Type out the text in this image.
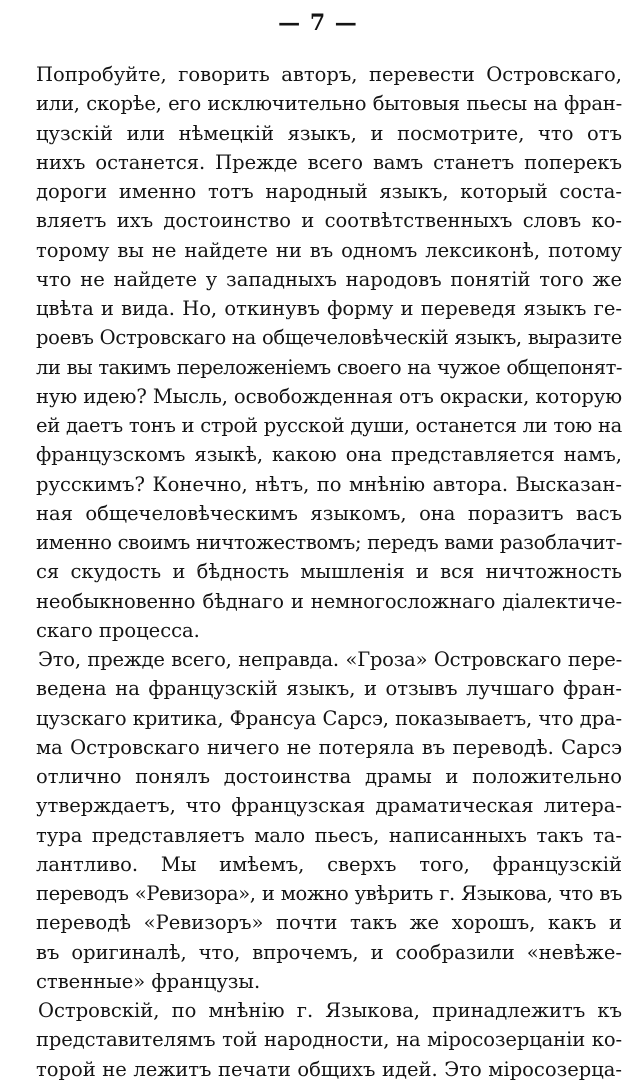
— 7 —
Попробуйте, говорить авторъ, перевести Островскаго,
или, скорѣе, его исключительно бытовыя пьесы на фран-
цузскій или нѣмецкій языкъ, и посмотрите, что отъ
нихъ останется. Прежде всего вамъ станетъ поперекъ
дороги именно тотъ народный языкъ, который соста-
вляетъ ихъ достоинство и соотвѣтственныхъ словъ ко-
торому вы не найдете ни въ одномъ лексиконѣ, потому
что не найдете у западныхъ народовъ понятій того же
цвѣта и вида. Но, откинувъ форму и переведя языкъ ге-
роевъ Островскаго на общечеловѣческій языкъ, выразите
ли вы такимъ переложеніемъ своего на чужое общепонят-
ную идею? Мысль, освобожденная отъ окраски, которую
ей даетъ тонъ и строй русской души, останется ли тою на
французскомъ языкѣ, какою она представляется намъ,
русскимъ? Конечно, нѣтъ, по мнѣнію автора. Высказан-
ная общечеловѣческимъ языкомъ, она поразитъ васъ
именно своимъ ничтожествомъ; передъ вами разоблачит-
ся скудость и бѣдность мышленія и вся ничтожность
необыкновенно бѣднаго и немногосложнаго діалектиче-
скаго процесса.
Это, прежде всего, неправда. «Гроза» Островскаго пере-
ведена на французскій языкъ, и отзывъ лучшаго фран-
цузскаго критика, Франсуа Сарсэ, показываетъ, что дра-
ма Островскаго ничего не потеряла въ переводѣ. Сарсэ
отлично понялъ достоинства драмы и положительно
утверждаетъ, что французская драматическая литера-
тура представляетъ мало пьесъ, написанныхъ такъ та-
лантливо. Мы имѣемъ, сверхъ того, французскій
переводъ «Ревизора», и можно увѣрить г. Языкова, что въ
переводѣ «Ревизоръ» почти такъ же хорошъ, какъ и
въ оригиналѣ, что, впрочемъ, и сообразили «невѣже-
ственные» французы.
Островскій, по мнѣнію г. Языкова, принадлежитъ къ
представителямъ той народности, на міросозерцаніи ко-
торой не лежитъ печати общихъ идей. Это міросозерца-
